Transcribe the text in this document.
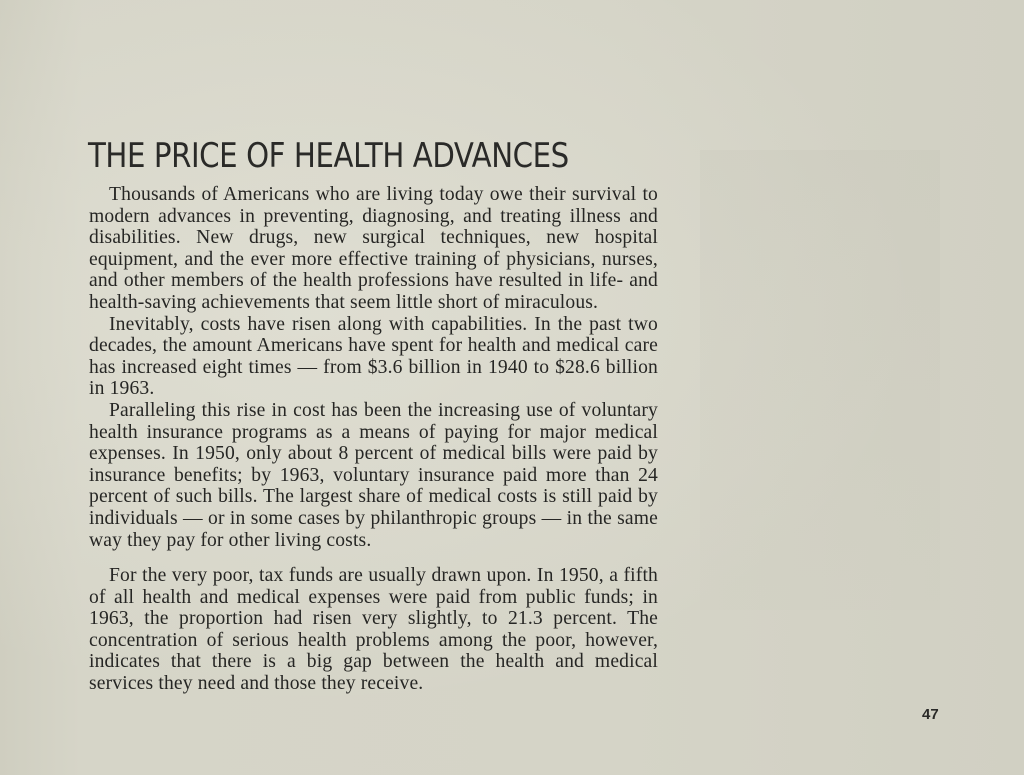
THE PRICE OF HEALTH ADVANCES

Thousands of Americans who are living today owe their survival to modern advances in preventing, diagnosing, and treating illness and disabilities. New drugs, new surgical techniques, new hospital equipment, and the ever more effective training of physicians, nurses, and other members of the health professions have resulted in life- and health-saving achievements that seem little short of miraculous.

Inevitably, costs have risen along with capabilities. In the past two decades, the amount Americans have spent for health and medical care has increased eight times — from $3.6 billion in 1940 to $28.6 billion in 1963.

Paralleling this rise in cost has been the increasing use of voluntary health insurance programs as a means of paying for major medical expenses. In 1950, only about 8 percent of medical bills were paid by insurance benefits; by 1963, voluntary insurance paid more than 24 percent of such bills. The largest share of medical costs is still paid by individuals — or in some cases by philanthropic groups — in the same way they pay for other living costs.

For the very poor, tax funds are usually drawn upon. In 1950, a fifth of all health and medical expenses were paid from public funds; in 1963, the proportion had risen very slightly, to 21.3 percent. The concentration of serious health problems among the poor, however, indicates that there is a big gap between the health and medical services they need and those they receive.

47
